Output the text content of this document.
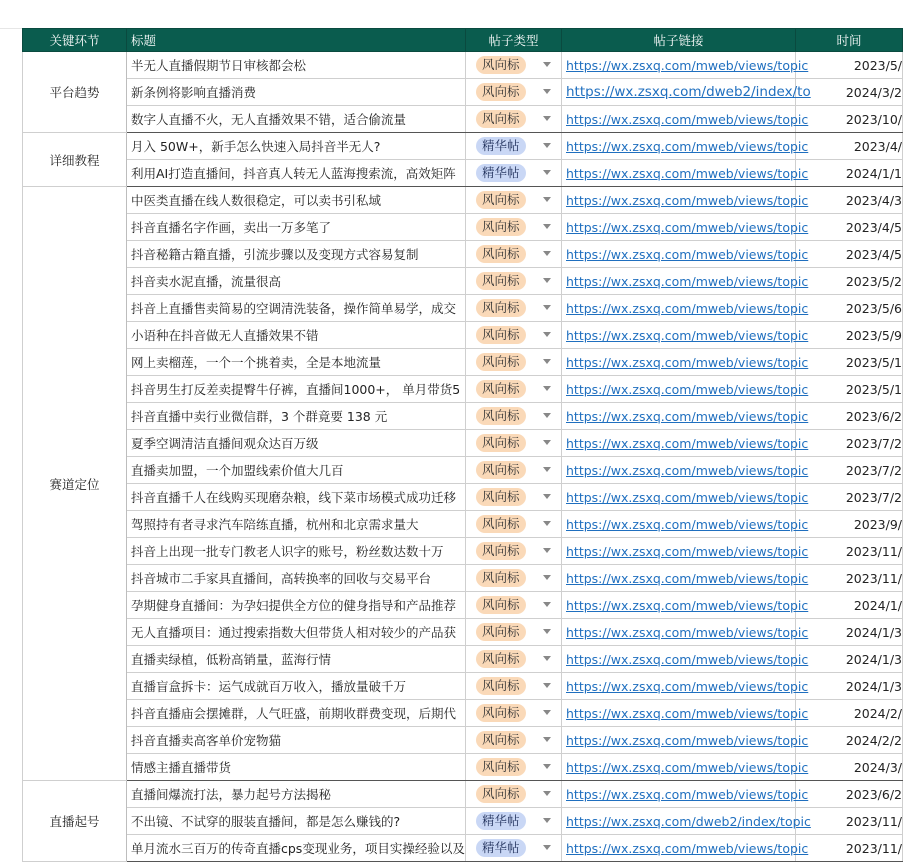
关键环节	标题	帖子类型	帖子链接	时间
平台趋势	半无人直播假期节日审核都会松	风向标	https://wx.zsxq.com/mweb/views/topic	2023/5/
	新条例将影响直播消费	风向标	https://wx.zsxq.com/dweb2/index/to	2024/3/2
	数字人直播不火，无人直播效果不错，适合偷流量	风向标	https://wx.zsxq.com/mweb/views/topic	2023/10/
详细教程	月入 50W+，新手怎么快速入局抖音半无人?	精华帖	https://wx.zsxq.com/mweb/views/topic	2023/4/
	利用AI打造直播间，抖音真人转无人蓝海搜索流，高效矩阵	精华帖	https://wx.zsxq.com/mweb/views/topic	2024/1/1
赛道定位	中医类直播在线人数很稳定，可以卖书引私域	风向标	https://wx.zsxq.com/mweb/views/topic	2023/4/3
	抖音直播名字作画，卖出一万多笔了	风向标	https://wx.zsxq.com/mweb/views/topic	2023/4/5
	抖音秘籍古籍直播，引流步骤以及变现方式容易复制	风向标	https://wx.zsxq.com/mweb/views/topic	2023/4/5
	抖音卖水泥直播，流量很高	风向标	https://wx.zsxq.com/mweb/views/topic	2023/5/2
	抖音上直播售卖简易的空调清洗装备，操作简单易学，成交	风向标	https://wx.zsxq.com/mweb/views/topic	2023/5/6
	小语种在抖音做无人直播效果不错	风向标	https://wx.zsxq.com/mweb/views/topic	2023/5/9
	网上卖榴莲，一个一个挑着卖，全是本地流量	风向标	https://wx.zsxq.com/mweb/views/topic	2023/5/1
	抖音男生打反差卖提臀牛仔裤，直播间1000+， 单月带货5	风向标	https://wx.zsxq.com/mweb/views/topic	2023/5/1
	抖音直播中卖行业微信群，3 个群竟要 138 元	风向标	https://wx.zsxq.com/mweb/views/topic	2023/6/2
	夏季空调清洁直播间观众达百万级	风向标	https://wx.zsxq.com/mweb/views/topic	2023/7/2
	直播卖加盟，一个加盟线索价值大几百	风向标	https://wx.zsxq.com/mweb/views/topic	2023/7/2
	抖音直播千人在线购买现磨杂粮，线下菜市场模式成功迁移	风向标	https://wx.zsxq.com/mweb/views/topic	2023/7/2
	驾照持有者寻求汽车陪练直播，杭州和北京需求量大	风向标	https://wx.zsxq.com/mweb/views/topic	2023/9/
	抖音上出现一批专门教老人识字的账号，粉丝数达数十万	风向标	https://wx.zsxq.com/mweb/views/topic	2023/11/
	抖音城市二手家具直播间，高转换率的回收与交易平台	风向标	https://wx.zsxq.com/mweb/views/topic	2023/11/
	孕期健身直播间：为孕妇提供全方位的健身指导和产品推荐	风向标	https://wx.zsxq.com/mweb/views/topic	2024/1/
	无人直播项目：通过搜索指数大但带货人相对较少的产品获	风向标	https://wx.zsxq.com/mweb/views/topic	2024/1/3
	直播卖绿植，低粉高销量，蓝海行情	风向标	https://wx.zsxq.com/mweb/views/topic	2024/1/3
	直播盲盒拆卡：运气成就百万收入，播放量破千万	风向标	https://wx.zsxq.com/mweb/views/topic	2024/1/3
	抖音直播庙会摆摊群，人气旺盛，前期收群费变现，后期代	风向标	https://wx.zsxq.com/mweb/views/topic	2024/2/
	抖音直播卖高客单价宠物猫	风向标	https://wx.zsxq.com/mweb/views/topic	2024/2/2
	情感主播直播带货	风向标	https://wx.zsxq.com/mweb/views/topic	2024/3/
直播起号	直播间爆流打法，暴力起号方法揭秘	风向标	https://wx.zsxq.com/mweb/views/topic	2023/6/2
	不出镜、不试穿的服装直播间，都是怎么赚钱的?	精华帖	https://wx.zsxq.com/dweb2/index/topic	2023/11/
	单月流水三百万的传奇直播cps变现业务，项目实操经验以及	精华帖	https://wx.zsxq.com/mweb/views/topic	2023/11/
